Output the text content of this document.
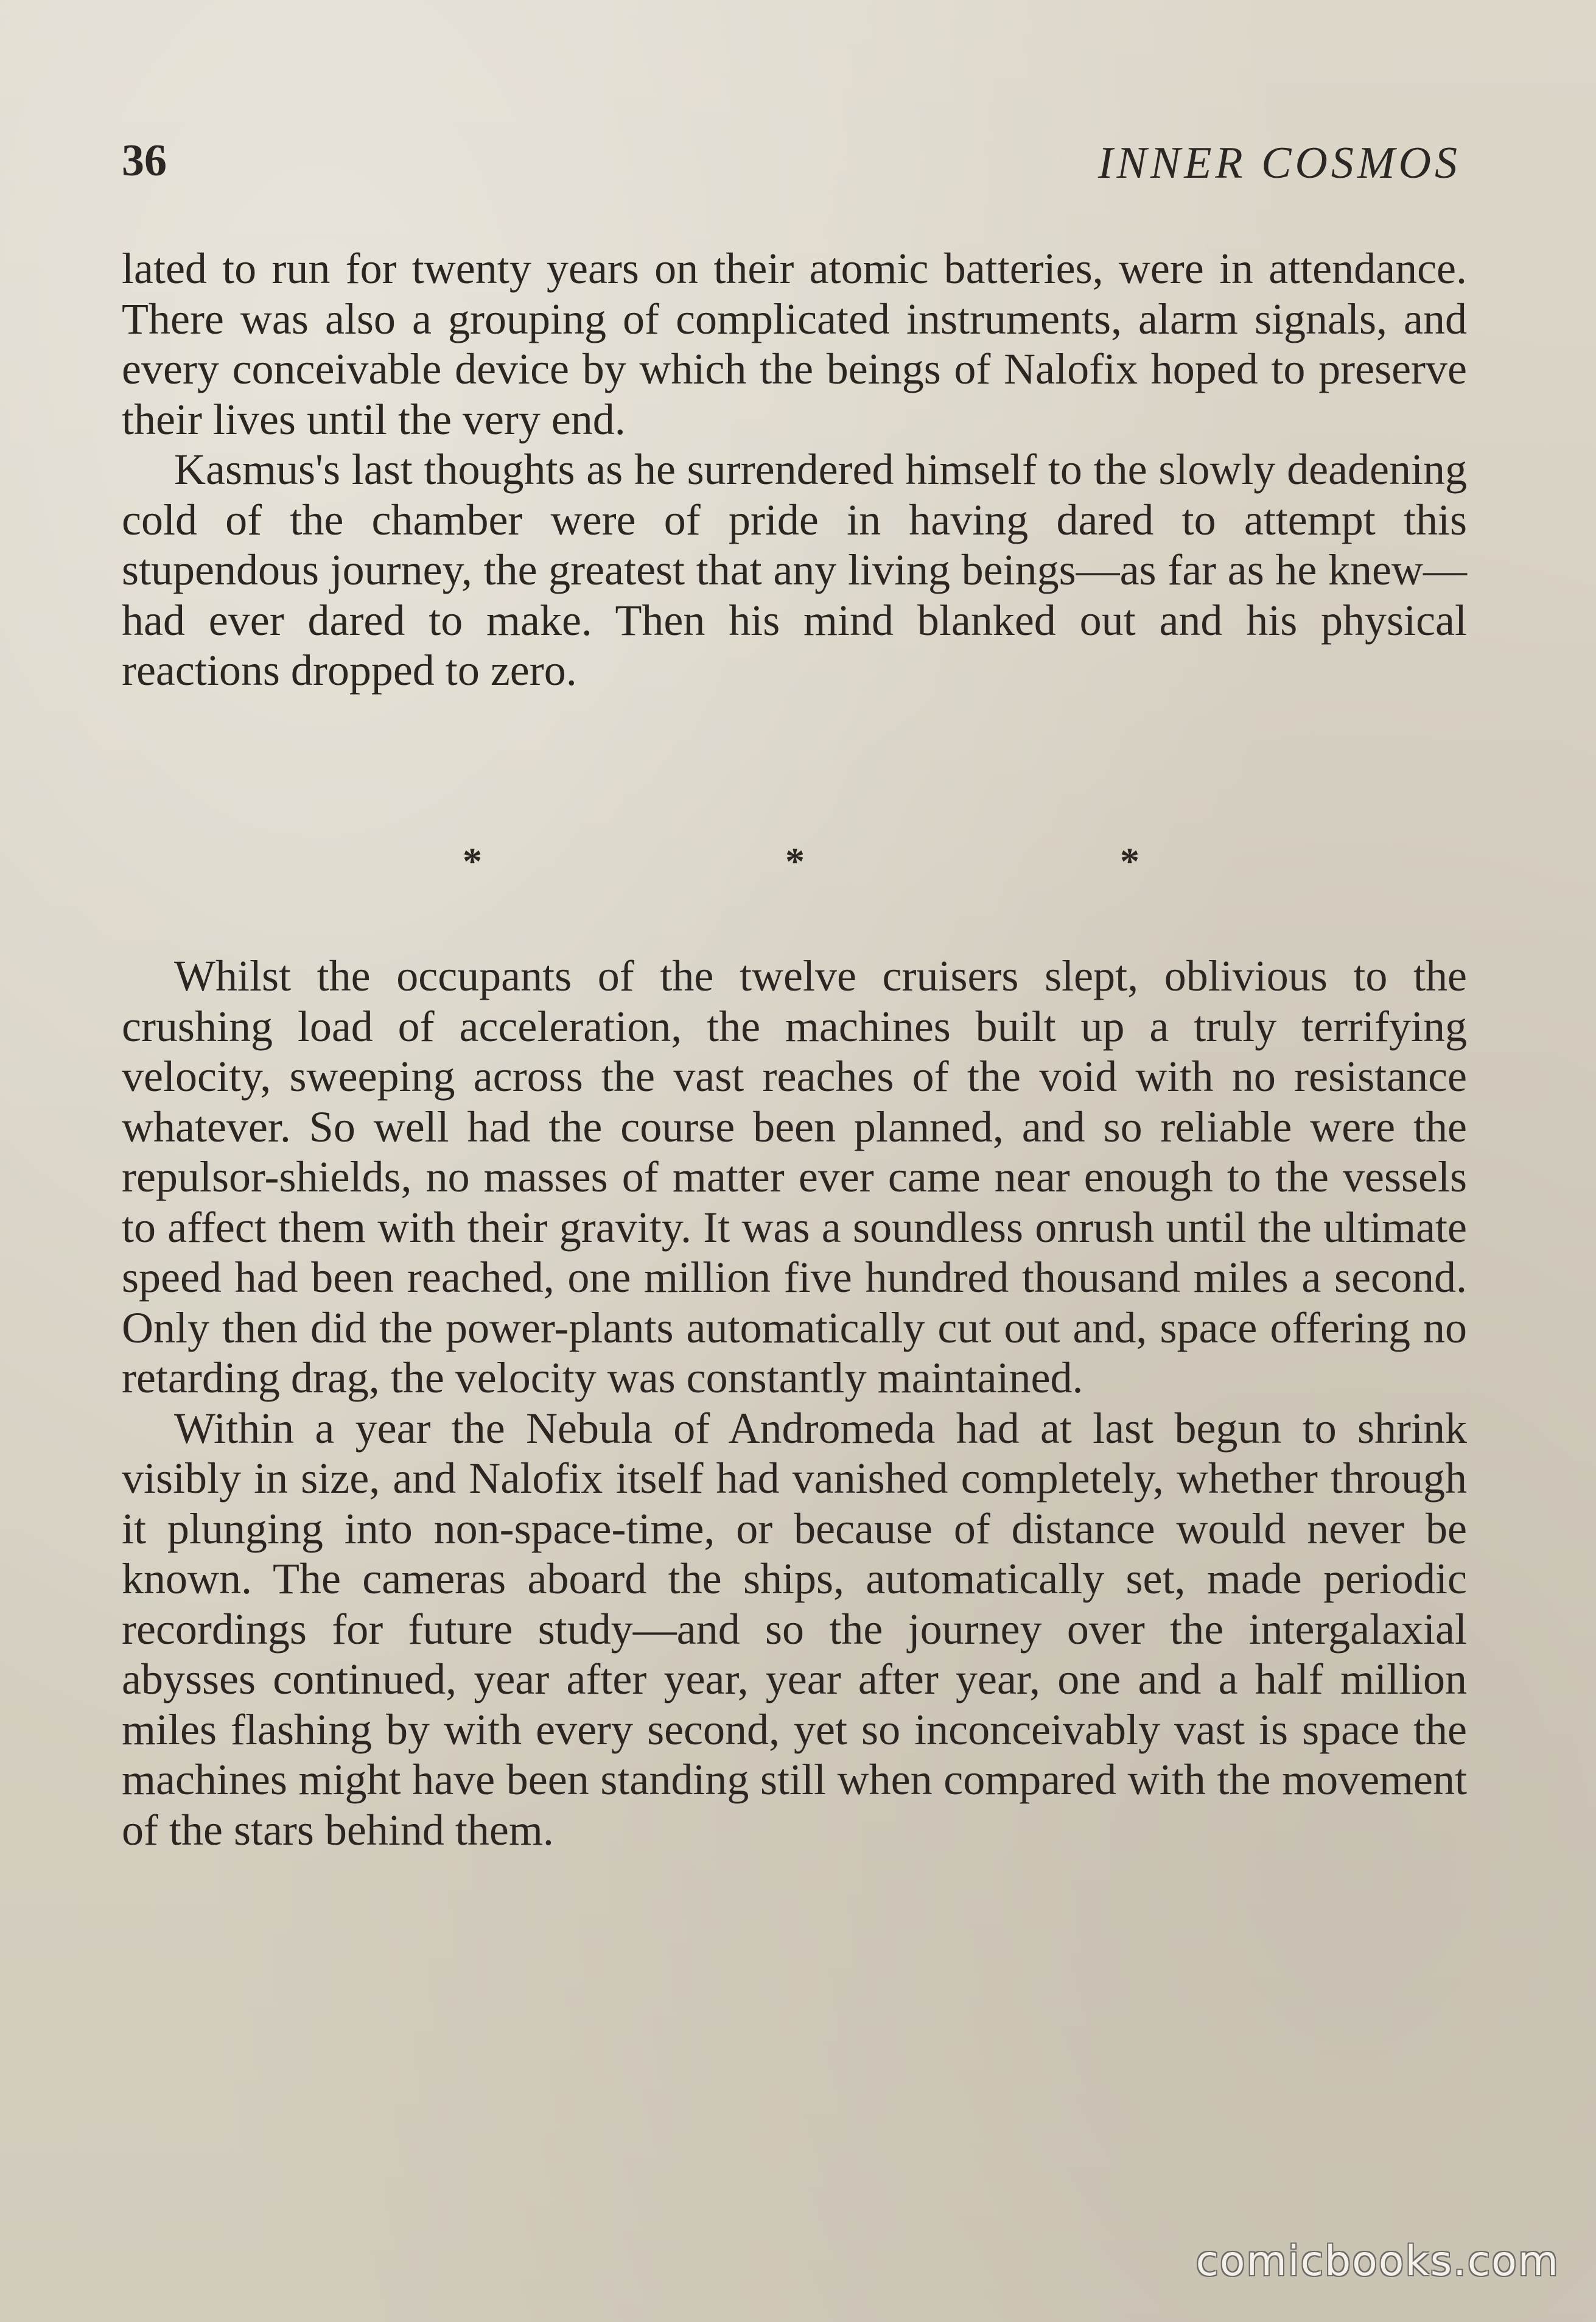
36	INNER COSMOS

lated to run for twenty years on their atomic batteries, were in attendance. There was also a grouping of complicated instruments, alarm signals, and every conceivable device by which the beings of Nalofix hoped to preserve their lives until the very end.

Kasmus's last thoughts as he surrendered himself to the slowly deadening cold of the chamber were of pride in having dared to attempt this stupendous journey, the greatest that any living beings—as far as he knew—had ever dared to make. Then his mind blanked out and his physical reactions dropped to zero.

*	*	*

Whilst the occupants of the twelve cruisers slept, oblivious to the crushing load of acceleration, the machines built up a truly terrifying velocity, sweeping across the vast reaches of the void with no resistance whatever. So well had the course been planned, and so reliable were the repulsor-shields, no masses of matter ever came near enough to the vessels to affect them with their gravity. It was a soundless onrush until the ultimate speed had been reached, one million five hundred thousand miles a second. Only then did the power-plants automatically cut out and, space offering no retarding drag, the velocity was constantly maintained.

Within a year the Nebula of Andromeda had at last begun to shrink visibly in size, and Nalofix itself had vanished completely, whether through it plunging into non-space-time, or because of distance would never be known. The cameras aboard the ships, automatically set, made periodic recordings for future study—and so the journey over the intergalaxial abysses continued, year after year, year after year, one and a half million miles flashing by with every second, yet so inconceivably vast is space the machines might have been standing still when compared with the movement of the stars behind them.

comicbooks.com
